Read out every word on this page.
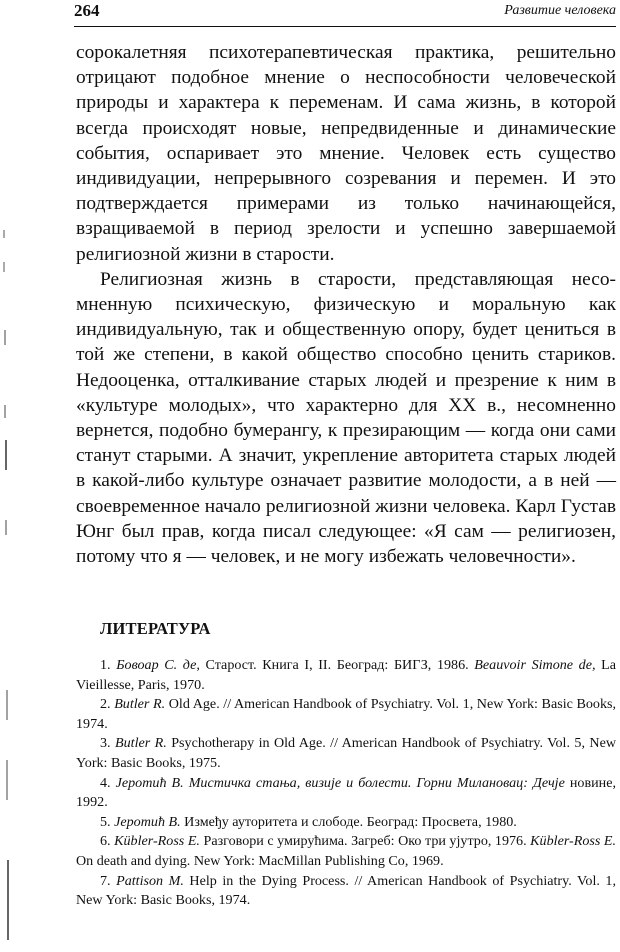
264	Развитие человека

сорокалетняя психотерапевтическая практика, решительно отрицают подобное мнение о неспособности человеческой природы и характера к переменам. И сама жизнь, в которой всегда происходят новые, непредвиденные и динамические события, оспаривает это мнение. Человек есть существо индивидуации, непрерывного созревания и перемен. И это подтверждается примерами из только начинающейся, взращиваемой в период зрелости и успешно завершаемой религиозной жизни в старости.

Религиозная жизнь в старости, представляющая несомненную психическую, физическую и моральную как индивидуальную, так и общественную опору, будет цениться в той же степени, в какой общество способно ценить стариков. Недооценка, отталкивание старых людей и презрение к ним в «культуре молодых», что характерно для XX в., несомненно вернется, подобно бумерангу, к презирающим — когда они сами станут старыми. А значит, укрепление авторитета старых людей в какой-либо культуре означает развитие молодости, а в ней — своевременное начало религиозной жизни человека. Карл Густав Юнг был прав, когда писал следующее: «Я сам — религиозен, потому что я — человек, и не могу избежать человечности».

ЛИТЕРАТУРА

1. Бовоар С. де, Старост. Книга I, II. Београд: БИГЗ, 1986. Beauvoir Simone de, La Vieillesse, Paris, 1970.

2. Butler R. Old Age. // American Handbook of Psychiatry. Vol. 1, New York: Basic Books, 1974.

3. Butler R. Psychotherapy in Old Age. // American Handbook of Psychiatry. Vol. 5, New York: Basic Books, 1975.

4. Јеротић В. Мистичка стања, визије и болести. Горни Милановац: Дечје новине, 1992.

5. Јеротић В. Између ауторитета и слободе. Београд: Просвета, 1980.

6. Kübler-Ross E. Разговори с умирућима. Загреб: Око три ујутро, 1976. Kübler-Ross E. On death and dying. New York: MacMillan Publishing Co, 1969.

7. Pattison M. Help in the Dying Process. // American Handbook of Psychiatry. Vol. 1, New York: Basic Books, 1974.
